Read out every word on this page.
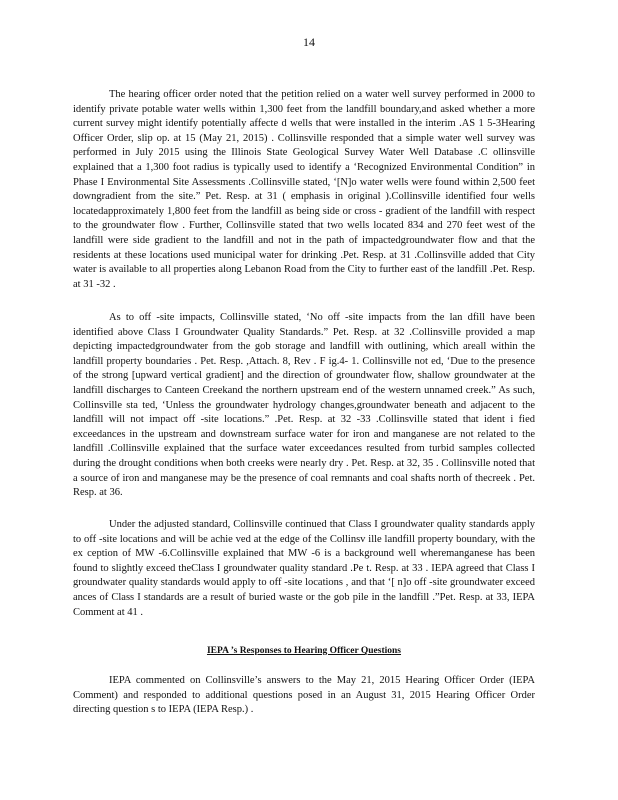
14

The hearing officer order noted that the petition relied on a water well survey performed in 2000 to identify private potable water wells within 1,300 feet from the landfill boundary,and asked whether a more current survey might identify potentially affecte d wells that were installed in the interim .AS 1 5-3Hearing Officer Order, slip op. at 15 (May 21, 2015) . Collinsville responded that a simple water well survey was performed in July 2015 using the Illinois State Geological Survey Water Well Database .C ollinsville explained that a 1,300 foot radius is typically used to identify a ‘Recognized Environmental Condition” in Phase I Environmental Site Assessments .Collinsville stated, ‘[N]o water wells were found within 2,500 feet downgradient from the site.” Pet. Resp. at 31 ( emphasis in original ).Collinsville identified four wells locatedapproximately 1,800 feet from the landfill as being side or cross - gradient of the landfill with respect to the groundwater flow . Further, Collinsville stated that two wells located 834 and 270 feet west of the landfill were side gradient to the landfill and not in the path of impactedgroundwater flow and that the residents at these locations used municipal water for drinking .Pet. Resp. at 31 .Collinsville added that City water is available to all properties along Lebanon Road from the City to further east of the landfill .Pet. Resp. at 31 -32 .

As to off -site impacts, Collinsville stated, ‘No off -site impacts from the lan dfill have been identified above Class I Groundwater Quality Standards.” Pet. Resp. at 32 .Collinsville provided a map depicting impactedgroundwater from the gob storage and landfill with outlining, which areall within the landfill property boundaries . Pet. Resp. ,Attach. 8, Rev . F ig.4- 1. Collinsville not ed, ‘Due to the presence of the strong [upward vertical gradient] and the direction of groundwater flow, shallow groundwater at the landfill discharges to Canteen Creekand the northern upstream end of the western unnamed creek.” As such, Collinsville sta ted, ‘Unless the groundwater hydrology changes,groundwater beneath and adjacent to the landfill will not impact off -site locations.” .Pet. Resp. at 32 -33 .Collinsville stated that ident i fied exceedances in the upstream and downstream surface water for iron and manganese are not related to the landfill .Collinsville explained that the surface water exceedances resulted from turbid samples collected during the drought conditions when both creeks were nearly dry . Pet. Resp. at 32, 35 . Collinsville noted that a source of iron and manganese may be the presence of coal remnants and coal shafts north of thecreek . Pet. Resp. at 36.

Under the adjusted standard, Collinsville continued that Class I groundwater quality standards apply to off -site locations and will be achie ved at the edge of the Collinsv ille landfill property boundary, with the ex ception of MW -6.Collinsville explained that MW -6 is a background well wheremanganese has been found to slightly exceed theClass I groundwater quality standard .Pe t. Resp. at 33 . IEPA agreed that Class I groundwater quality standards would apply to off -site locations , and that ‘[ n]o off -site groundwater exceed ances of Class I standards are a result of buried waste or the gob pile in the landfill .”Pet. Resp. at 33, IEPA Comment at 41 .

IEPA ’s Responses to Hearing Officer Questions

IEPA commented on Collinsville’s answers to the May 21, 2015 Hearing Officer Order (IEPA Comment) and responded to additional questions posed in an August 31, 2015 Hearing Officer Order directing question s to IEPA (IEPA Resp.) .
